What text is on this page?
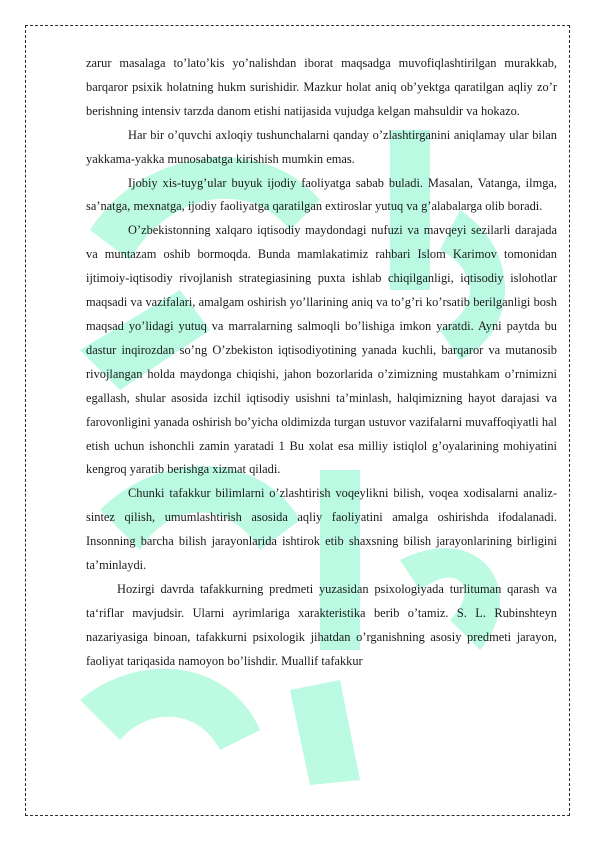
zarur masalaga to’lato’kis yo’nalishdan iborat maqsadga muvofiqlashtirilgan murakkab, barqaror psixik holatning hukm surishidir. Mazkur holat aniq ob’yektga qaratilgan aqliy zo’r berishning intensiv tarzda danom etishi natijasida vujudga kelgan mahsuldir va hokazo.

Har bir o’quvchi axloqiy tushunchalarni qanday o’zlashtirganini aniqlamay ular bilan yakkama-yakka munosabatga kirishish mumkin emas.

Ijobiy xis-tuyg’ular buyuk ijodiy faoliyatga sabab buladi. Masalan, Vatanga, ilmga, sa’natga, mexnatga, ijodiy faoliyatga qaratilgan extiroslar yutuq va g’alabalarga olib boradi.

O’zbekistonning xalqaro iqtisodiy maydondagi nufuzi va mavqeyi sezilarli darajada va muntazam oshib bormoqda. Bunda mamlakatimiz rahbari Islom Karimov tomonidan ijtimoiy-iqtisodiy rivojlanish strategiasining puxta ishlab chiqilganligi, iqtisodiy islohotlar maqsadi va vazifalari, amalgam oshirish yo’llarining aniq va to’g’ri ko’rsatib berilganligi bosh maqsad yo’lidagi yutuq va marralarning salmoqli bo’lishiga imkon yaratdi. Ayni paytda bu dastur inqirozdan so’ng O’zbekiston iqtisodiyotining yanada kuchli, barqaror va mutanosib rivojlangan holda maydonga chiqishi, jahon bozorlarida o’zimizning mustahkam o’rnimizni egallash, shular asosida izchil iqtisodiy usishni ta’minlash, halqimizning hayot darajasi va farovonligini yanada oshirish bo’yicha oldimizda turgan ustuvor vazifalarni muvaffoqiyatli hal etish uchun ishonchli zamin yaratadi 1 Bu xolat esa milliy istiqlol g’oyalarining mohiyatini kengroq yaratib berishga xizmat qiladi.

Chunki tafakkur bilimlarni o’zlashtirish voqeylikni bilish, voqea xodisalarni analiz-sintez qilish, umumlashtirish asosida aqliy faoliyatini amalga oshirishda ifodalanadi. Insonning barcha bilish jarayonlarida ishtirok etib shaxsning bilish jarayonlarining birligini ta’minlaydi.

Hozirgi davrda tafakkurning predmeti yuzasidan psixologiyada turlituman qarash va ta‘riflar mavjudsir. Ularni ayrimlariga xarakteristika berib o’tamiz. S. L. Rubinshteyn nazariyasiga binoan, tafakkurni psixologik jihatdan o’rganishning asosiy predmeti jarayon, faoliyat tariqasida namoyon bo’lishdir. Muallif tafakkur
